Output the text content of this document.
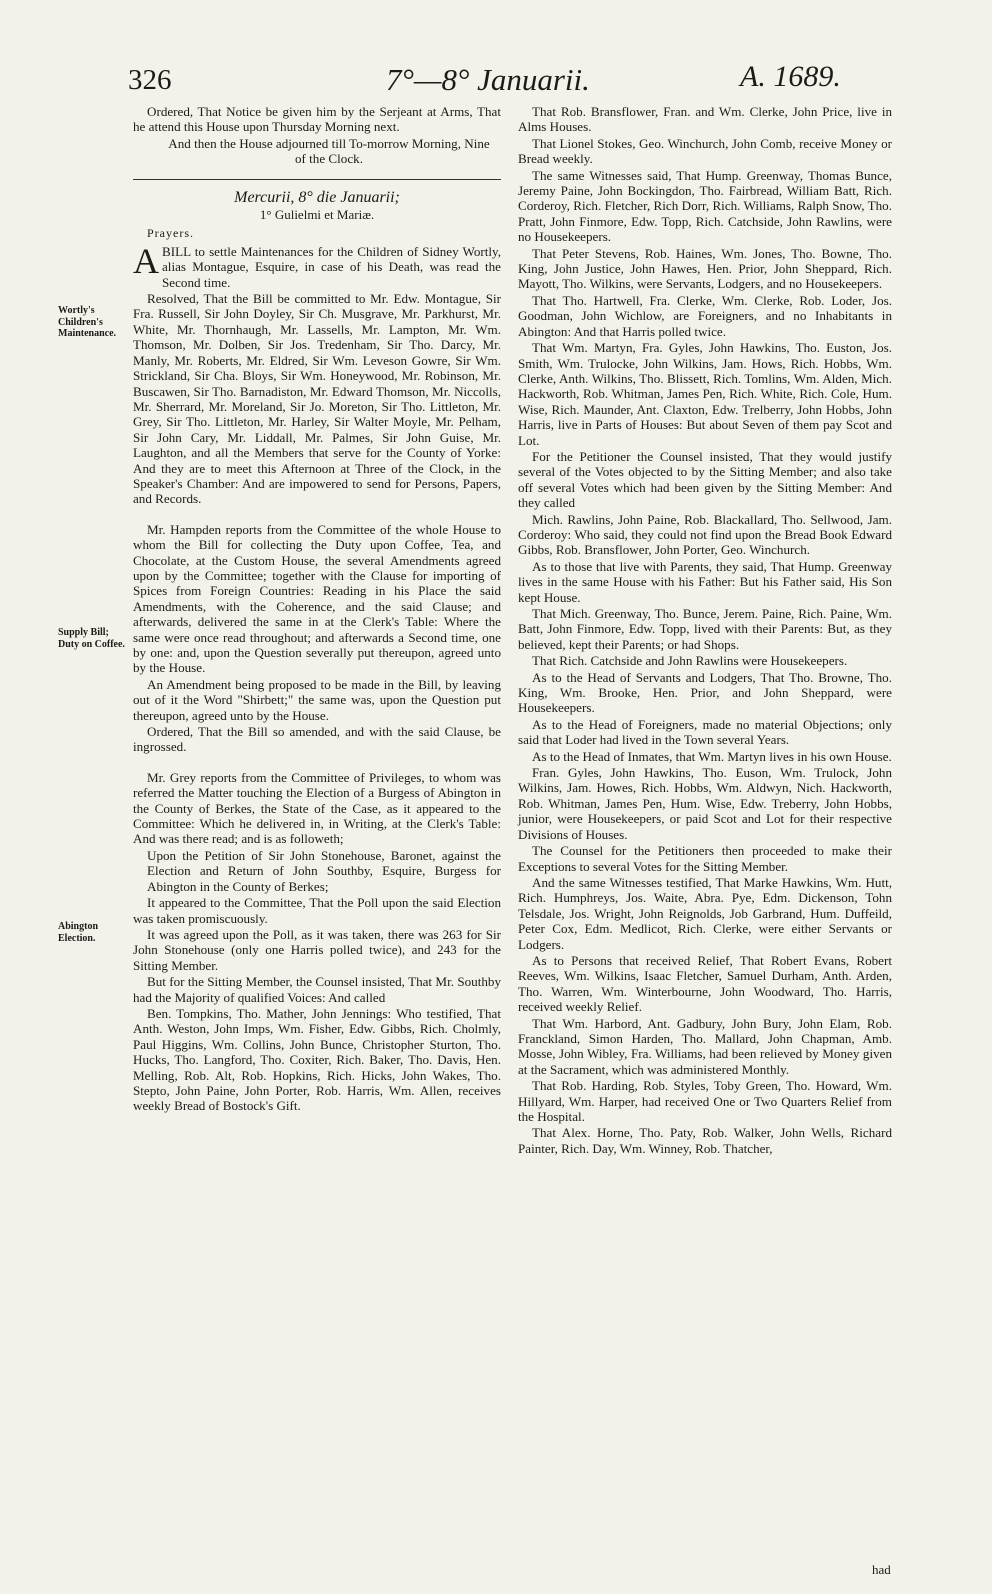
326	7°—8° Januarii.	A. 1689.
Wortly's Children's Maintenance.
Supply Bill; Duty on Coffee.
Abington Election.

Ordered, That Notice be given him by the Serjeant at Arms, That he attend this House upon Thursday Morning next.

And then the House adjourned till To-morrow Morning, Nine of the Clock.

Mercurii, 8° die Januarii;
1° Gulielmi et Mariæ.
Prayers.

ABILL to settle Maintenances for the Children of Sidney Wortly, alias Montague, Esquire, in case of his Death, was read the Second time.

Resolved, That the Bill be committed to Mr. Edw. Montague, Sir Fra. Russell, Sir John Doyley, Sir Ch. Musgrave, Mr. Parkhurst, Mr. White, Mr. Thornhaugh, Mr. Lassells, Mr. Lampton, Mr. Wm. Thomson, Mr. Dolben, Sir Jos. Tredenham, Sir Tho. Darcy, Mr. Manly, Mr. Roberts, Mr. Eldred, Sir Wm. Leveson Gowre, Sir Wm. Strickland, Sir Cha. Bloys, Sir Wm. Honeywood, Mr. Robinson, Mr. Buscawen, Sir Tho. Barnadiston, Mr. Edward Thomson, Mr. Niccolls, Mr. Sherrard, Mr. Moreland, Sir Jo. Moreton, Sir Tho. Littleton, Mr. Grey, Sir Tho. Littleton, Mr. Harley, Sir Walter Moyle, Mr. Pelham, Sir John Cary, Mr. Liddall, Mr. Palmes, Sir John Guise, Mr. Laughton, and all the Members that serve for the County of Yorke: And they are to meet this Afternoon at Three of the Clock, in the Speaker's Chamber: And are impowered to send for Persons, Papers, and Records.

Mr. Hampden reports from the Committee of the whole House to whom the Bill for collecting the Duty upon Coffee, Tea, and Chocolate, at the Custom House, the several Amendments agreed upon by the Committee; together with the Clause for importing of Spices from Foreign Countries: Reading in his Place the said Amendments, with the Coherence, and the said Clause; and afterwards, delivered the same in at the Clerk's Table: Where the same were once read throughout; and afterwards a Second time, one by one: and, upon the Question severally put thereupon, agreed unto by the House.

An Amendment being proposed to be made in the Bill, by leaving out of it the Word "Shirbett;" the same was, upon the Question put thereupon, agreed unto by the House.

Ordered, That the Bill so amended, and with the said Clause, be ingrossed.

Mr. Grey reports from the Committee of Privileges, to whom was referred the Matter touching the Election of a Burgess of Abington in the County of Berkes, the State of the Case, as it appeared to the Committee: Which he delivered in, in Writing, at the Clerk's Table: And was there read; and is as followeth;

Upon the Petition of Sir John Stonehouse, Baronet, against the Election and Return of John Southby, Esquire, Burgess for Abington in the County of Berkes;

It appeared to the Committee, That the Poll upon the said Election was taken promiscuously.

It was agreed upon the Poll, as it was taken, there was 263 for Sir John Stonehouse (only one Harris polled twice), and 243 for the Sitting Member.

But for the Sitting Member, the Counsel insisted, That Mr. Southby had the Majority of qualified Voices: And called

Ben. Tompkins, Tho. Mather, John Jennings: Who testified, That Anth. Weston, John Imps, Wm. Fisher, Edw. Gibbs, Rich. Cholmly, Paul Higgins, Wm. Collins, John Bunce, Christopher Sturton, Tho. Hucks, Tho. Langford, Tho. Coxiter, Rich. Baker, Tho. Davis, Hen. Melling, Rob. Alt, Rob. Hopkins, Rich. Hicks, John Wakes, Tho. Stepto, John Paine, John Porter, Rob. Harris, Wm. Allen, receives weekly Bread of Bostock's Gift.

That Rob. Bransflower, Fran. and Wm. Clerke, John Price, live in Alms Houses.

That Lionel Stokes, Geo. Winchurch, John Comb, receive Money or Bread weekly.

The same Witnesses said, That Hump. Greenway, Thomas Bunce, Jeremy Paine, John Bockingdon, Tho. Fairbread, William Batt, Rich. Corderoy, Rich. Fletcher, Rich Dorr, Rich. Williams, Ralph Snow, Tho. Pratt, John Finmore, Edw. Topp, Rich. Catchside, John Rawlins, were no Housekeepers.

That Peter Stevens, Rob. Haines, Wm. Jones, Tho. Bowne, Tho. King, John Justice, John Hawes, Hen. Prior, John Sheppard, Rich. Mayott, Tho. Wilkins, were Servants, Lodgers, and no Housekeepers.

That Tho. Hartwell, Fra. Clerke, Wm. Clerke, Rob. Loder, Jos. Goodman, John Wichlow, are Foreigners, and no Inhabitants in Abington: And that Harris polled twice.

That Wm. Martyn, Fra. Gyles, John Hawkins, Tho. Euston, Jos. Smith, Wm. Trulocke, John Wilkins, Jam. Hows, Rich. Hobbs, Wm. Clerke, Anth. Wilkins, Tho. Blissett, Rich. Tomlins, Wm. Alden, Mich. Hackworth, Rob. Whitman, James Pen, Rich. White, Rich. Cole, Hum. Wise, Rich. Maunder, Ant. Claxton, Edw. Trelberry, John Hobbs, John Harris, live in Parts of Houses: But about Seven of them pay Scot and Lot.

For the Petitioner the Counsel insisted, That they would justify several of the Votes objected to by the Sitting Member; and also take off several Votes which had been given by the Sitting Member: And they called

Mich. Rawlins, John Paine, Rob. Blackallard, Tho. Sellwood, Jam. Corderoy: Who said, they could not find upon the Bread Book Edward Gibbs, Rob. Bransflower, John Porter, Geo. Winchurch.

As to those that live with Parents, they said, That Hump. Greenway lives in the same House with his Father: But his Father said, His Son kept House.

That Mich. Greenway, Tho. Bunce, Jerem. Paine, Rich. Paine, Wm. Batt, John Finmore, Edw. Topp, lived with their Parents: But, as they believed, kept their Parents; or had Shops.

That Rich. Catchside and John Rawlins were Housekeepers.

As to the Head of Servants and Lodgers, That Tho. Browne, Tho. King, Wm. Brooke, Hen. Prior, and John Sheppard, were Housekeepers.

As to the Head of Foreigners, made no material Objections; only said that Loder had lived in the Town several Years.

As to the Head of Inmates, that Wm. Martyn lives in his own House.

Fran. Gyles, John Hawkins, Tho. Euson, Wm. Trulock, John Wilkins, Jam. Howes, Rich. Hobbs, Wm. Aldwyn, Nich. Hackworth, Rob. Whitman, James Pen, Hum. Wise, Edw. Treberry, John Hobbs, junior, were Housekeepers, or paid Scot and Lot for their respective Divisions of Houses.

The Counsel for the Petitioners then proceeded to make their Exceptions to several Votes for the Sitting Member.

And the same Witnesses testified, That Marke Hawkins, Wm. Hutt, Rich. Humphreys, Jos. Waite, Abra. Pye, Edm. Dickenson, Tohn Telsdale, Jos. Wright, John Reignolds, Job Garbrand, Hum. Duffeild, Peter Cox, Edm. Medlicot, Rich. Clerke, were either Servants or Lodgers.

As to Persons that received Relief, That Robert Evans, Robert Reeves, Wm. Wilkins, Isaac Fletcher, Samuel Durham, Anth. Arden, Tho. Warren, Wm. Winterbourne, John Woodward, Tho. Harris, received weekly Relief.

That Wm. Harbord, Ant. Gadbury, John Bury, John Elam, Rob. Franckland, Simon Harden, Tho. Mallard, John Chapman, Amb. Mosse, John Wibley, Fra. Williams, had been relieved by Money given at the Sacrament, which was administered Monthly.

That Rob. Harding, Rob. Styles, Toby Green, Tho. Howard, Wm. Hillyard, Wm. Harper, had received One or Two Quarters Relief from the Hospital.

That Alex. Horne, Tho. Paty, Rob. Walker, John Wells, Richard Painter, Rich. Day, Wm. Winney, Rob. Thatcher,

had
